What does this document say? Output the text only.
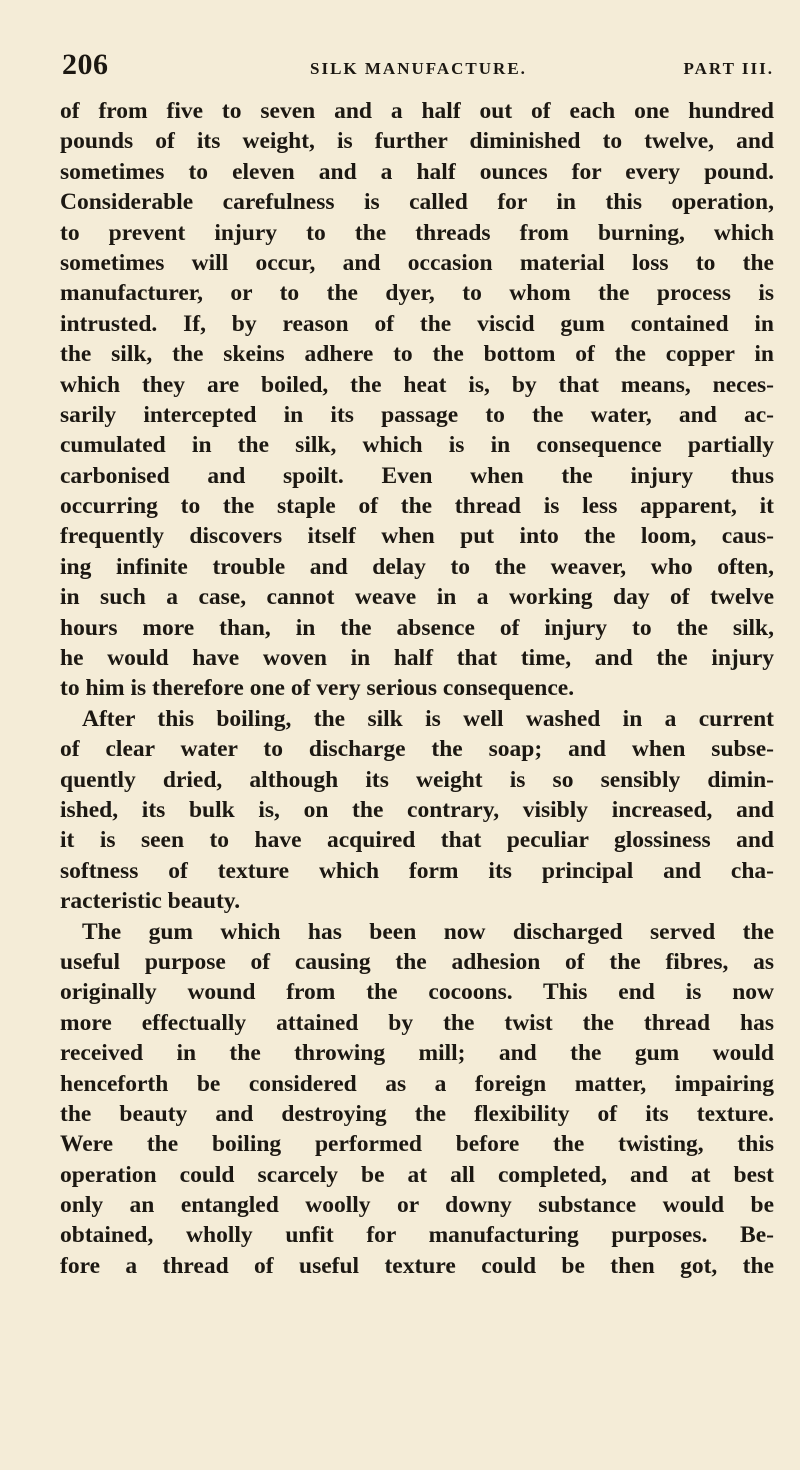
206	SILK MANUFACTURE.	PART III.
of from five to seven and a half out of each one hundred
pounds of its weight, is further diminished to twelve, and
sometimes to eleven and a half ounces for every pound.
Considerable carefulness is called for in this operation,
to prevent injury to the threads from burning, which
sometimes will occur, and occasion material loss to the
manufacturer, or to the dyer, to whom the process is
intrusted. If, by reason of the viscid gum contained in
the silk, the skeins adhere to the bottom of the copper in
which they are boiled, the heat is, by that means, neces-
sarily intercepted in its passage to the water, and ac-
cumulated in the silk, which is in consequence partially
carbonised and spoilt. Even when the injury thus
occurring to the staple of the thread is less apparent, it
frequently discovers itself when put into the loom, caus-
ing infinite trouble and delay to the weaver, who often,
in such a case, cannot weave in a working day of twelve
hours more than, in the absence of injury to the silk,
he would have woven in half that time, and the injury
to him is therefore one of very serious consequence.
After this boiling, the silk is well washed in a current
of clear water to discharge the soap; and when subse-
quently dried, although its weight is so sensibly dimin-
ished, its bulk is, on the contrary, visibly increased, and
it is seen to have acquired that peculiar glossiness and
softness of texture which form its principal and cha-
racteristic beauty.
The gum which has been now discharged served the
useful purpose of causing the adhesion of the fibres, as
originally wound from the cocoons. This end is now
more effectually attained by the twist the thread has
received in the throwing mill; and the gum would
henceforth be considered as a foreign matter, impairing
the beauty and destroying the flexibility of its texture.
Were the boiling performed before the twisting, this
operation could scarcely be at all completed, and at best
only an entangled woolly or downy substance would be
obtained, wholly unfit for manufacturing purposes. Be-
fore a thread of useful texture could be then got, the
